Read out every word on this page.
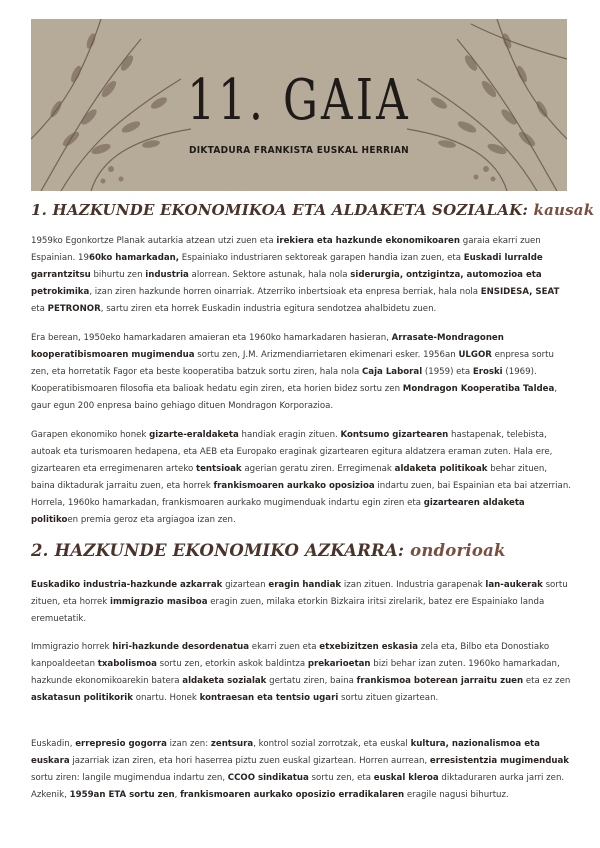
11. GAIA
DIKTADURA FRANKISTA EUSKAL HERRIAN
1. HAZKUNDE EKONOMIKOA ETA ALDAKETA SOZIALAK: kausak

1959ko Egonkortze Planak autarkia atzean utzi zuen eta irekiera eta hazkunde ekonomikoaren garaia ekarri zuen Espainian. 1960ko hamarkadan, Espainiako industriaren sektoreak garapen handia izan zuen, eta Euskadi lurralde garrantzitsu bihurtu zen industria alorrean. Sektore astunak, hala nola siderurgia, ontzigintza, automozioa eta petrokimika, izan ziren hazkunde horren oinarriak. Atzerriko inbertsioak eta enpresa berriak, hala nola ENSIDESA, SEAT eta PETRONOR, sartu ziren eta horrek Euskadin industria egitura sendotzea ahalbidetu zuen.

Era berean, 1950eko hamarkadaren amaieran eta 1960ko hamarkadaren hasieran, Arrasate-Mondragonen kooperatibismoaren mugimendua sortu zen, J.M. Arizmendiarrietaren ekimenari esker. 1956an ULGOR enpresa sortu zen, eta horretatik Fagor eta beste kooperatiba batzuk sortu ziren, hala nola Caja Laboral (1959) eta Eroski (1969). Kooperatibismoaren filosofia eta balioak hedatu egin ziren, eta horien bidez sortu zen Mondragon Kooperatiba Taldea, gaur egun 200 enpresa baino gehiago dituen Mondragon Korporazioa.

Garapen ekonomiko honek gizarte-eraldaketa handiak eragin zituen. Kontsumo gizartearen hastapenak, telebista, autoak eta turismoaren hedapena, eta AEB eta Europako eraginak gizartearen egitura aldatzera eraman zuten. Hala ere, gizartearen eta erregimenaren arteko tentsioak agerian geratu ziren. Erregimenak aldaketa politikoak behar zituen, baina diktadurak jarraitu zuen, eta horrek frankismoaren aurkako oposizioa indartu zuen, bai Espainian eta bai atzerrian. Horrela, 1960ko hamarkadan, frankismoaren aurkako mugimenduak indartu egin ziren eta gizartearen aldaketa politikoen premia geroz eta argiagoa izan zen.

2. HAZKUNDE EKONOMIKO AZKARRA: ondorioak

Euskadiko industria-hazkunde azkarrak gizartean eragin handiak izan zituen. Industria garapenak lan-aukerak sortu zituen, eta horrek immigrazio masiboa eragin zuen, milaka etorkin Bizkaira iritsi zirelarik, batez ere Espainiako landa eremuetatik.

Immigrazio horrek hiri-hazkunde desordenatua ekarri zuen eta etxebizitzen eskasia zela eta, Bilbo eta Donostiako kanpoaldeetan txabolismoa sortu zen, etorkin askok baldintza prekarioetan bizi behar izan zuten. 1960ko hamarkadan, hazkunde ekonomikoarekin batera aldaketa sozialak gertatu ziren, baina frankismoa boterean jarraitu zuen eta ez zen askatasun politikorik onartu. Honek kontraesan eta tentsio ugari sortu zituen gizartean.

Euskadin, errepresio gogorra izan zen: zentsura, kontrol sozial zorrotzak, eta euskal kultura, nazionalismoa eta euskara jazarriak izan ziren, eta hori haserrea piztu zuen euskal gizartean. Horren aurrean, erresistentzia mugimenduak sortu ziren: langile mugimendua indartu zen, CCOO sindikatua sortu zen, eta euskal kleroa diktaduraren aurka jarri zen. Azkenik, 1959an ETA sortu zen, frankismoaren aurkako oposizio erradikalaren eragile nagusi bihurtuz.
